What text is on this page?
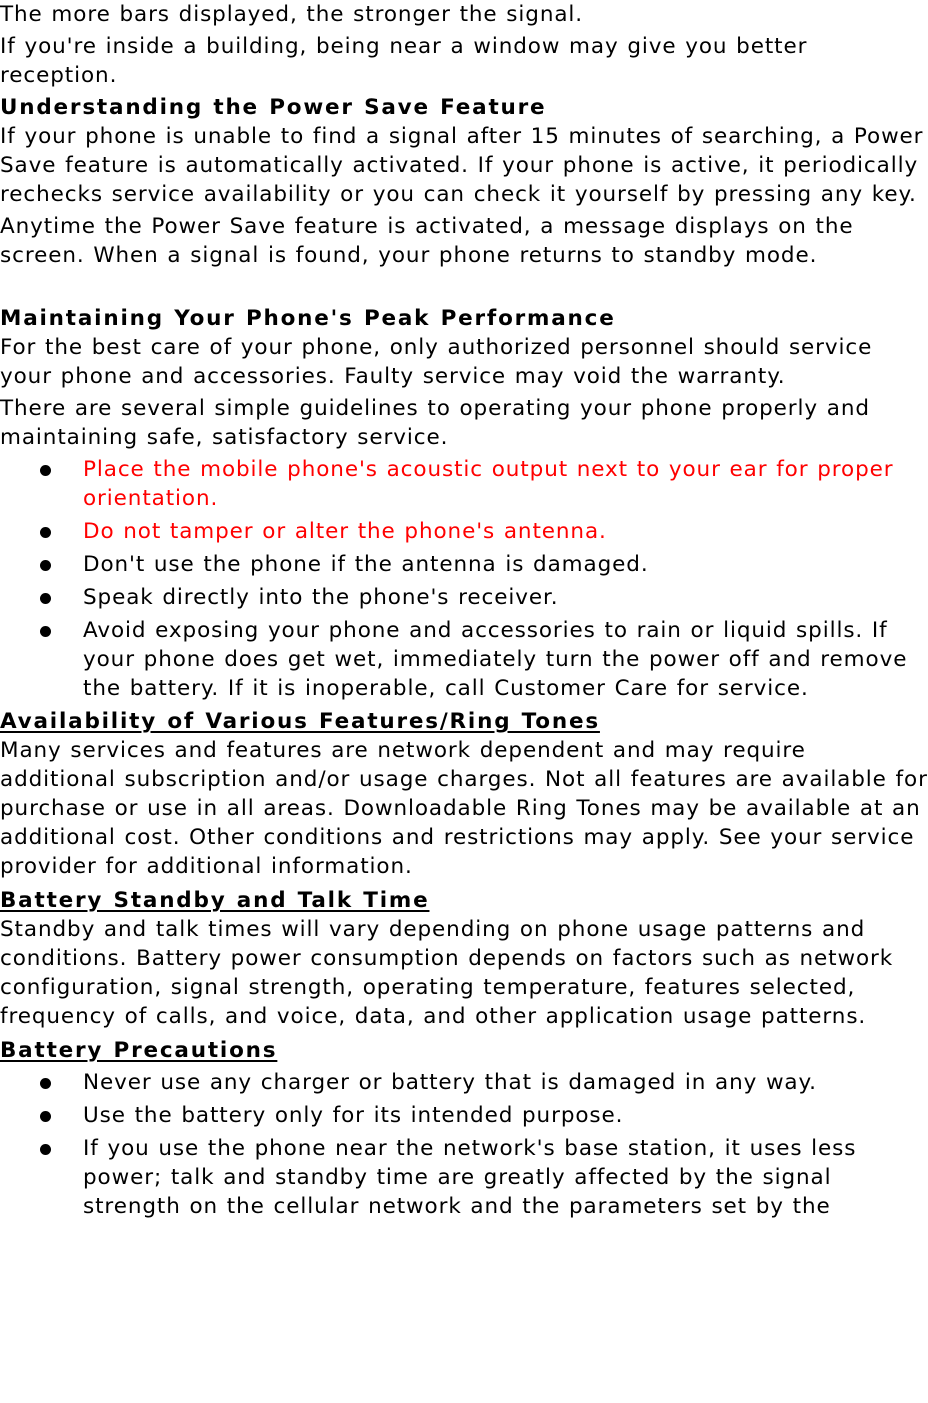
The more bars displayed, the stronger the signal.

If you're inside a building, being near a window may give you better reception.

Understanding the Power Save Feature

If your phone is unable to find a signal after 15 minutes of searching, a Power Save feature is automatically activated. If your phone is active, it periodically rechecks service availability or you can check it yourself by pressing any key.

Anytime the Power Save feature is activated, a message displays on the screen. When a signal is found, your phone returns to standby mode.

Maintaining Your Phone's Peak Performance

For the best care of your phone, only authorized personnel should service your phone and accessories. Faulty service may void the warranty.

There are several simple guidelines to operating your phone properly and maintaining safe, satisfactory service.

Place the mobile phone's acoustic output next to your ear for proper orientation.
Do not tamper or alter the phone's antenna.
Don't use the phone if the antenna is damaged.
Speak directly into the phone's receiver.
Avoid exposing your phone and accessories to rain or liquid spills. If your phone does get wet, immediately turn the power off and remove the battery. If it is inoperable, call Customer Care for service.
Availability of Various Features/Ring Tones

Many services and features are network dependent and may require additional subscription and/or usage charges. Not all features are available for purchase or use in all areas. Downloadable Ring Tones may be available at an additional cost. Other conditions and restrictions may apply. See your service provider for additional information.

Battery Standby and Talk Time

Standby and talk times will vary depending on phone usage patterns and conditions. Battery power consumption depends on factors such as network configuration, signal strength, operating temperature, features selected, frequency of calls, and voice, data, and other application usage patterns.

Battery Precautions
Never use any charger or battery that is damaged in any way.
Use the battery only for its intended purpose.
If you use the phone near the network's base station, it uses less power; talk and standby time are greatly affected by the signal strength on the cellular network and the parameters set by the
